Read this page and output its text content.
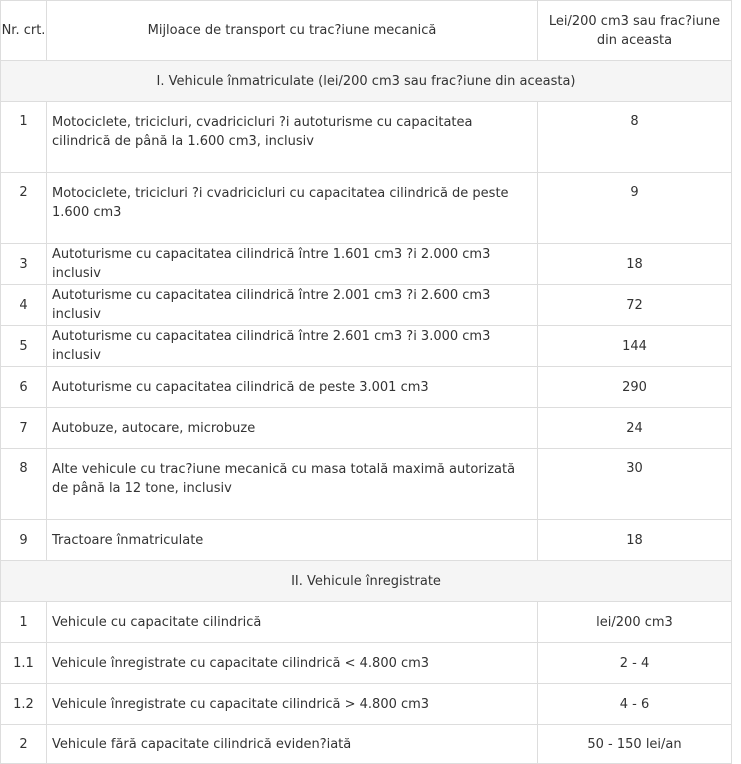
Nr. crt.	Mijloace de transport cu trac?iune mecanică	Lei/200 cm3 sau frac?iune din aceasta
I. Vehicule înmatriculate (lei/200 cm3 sau frac?iune din aceasta)		
1	Motociclete, tricicluri, cvadricicluri ?i autoturisme cu capacitatea cilindrică de până la 1.600 cm3, inclusiv	8
2	Motociclete, tricicluri ?i cvadricicluri cu capacitatea cilindrică de peste 1.600 cm3	9
3	Autoturisme cu capacitatea cilindrică între 1.601 cm3 ?i 2.000 cm3 inclusiv	18
4	Autoturisme cu capacitatea cilindrică între 2.001 cm3 ?i 2.600 cm3 inclusiv	72
5	Autoturisme cu capacitatea cilindrică între 2.601 cm3 ?i 3.000 cm3 inclusiv	144
6	Autoturisme cu capacitatea cilindrică de peste 3.001 cm3	290
7	Autobuze, autocare, microbuze	24
8	Alte vehicule cu trac?iune mecanică cu masa totală maximă autorizată de până la 12 tone, inclusiv	30
9	Tractoare înmatriculate	18
II. Vehicule înregistrate		
1	Vehicule cu capacitate cilindrică	lei/200 cm3
1.1	Vehicule înregistrate cu capacitate cilindrică < 4.800 cm3	2 - 4
1.2	Vehicule înregistrate cu capacitate cilindrică > 4.800 cm3	4 - 6
2	Vehicule fără capacitate cilindrică eviden?iată	50 - 150 lei/an
